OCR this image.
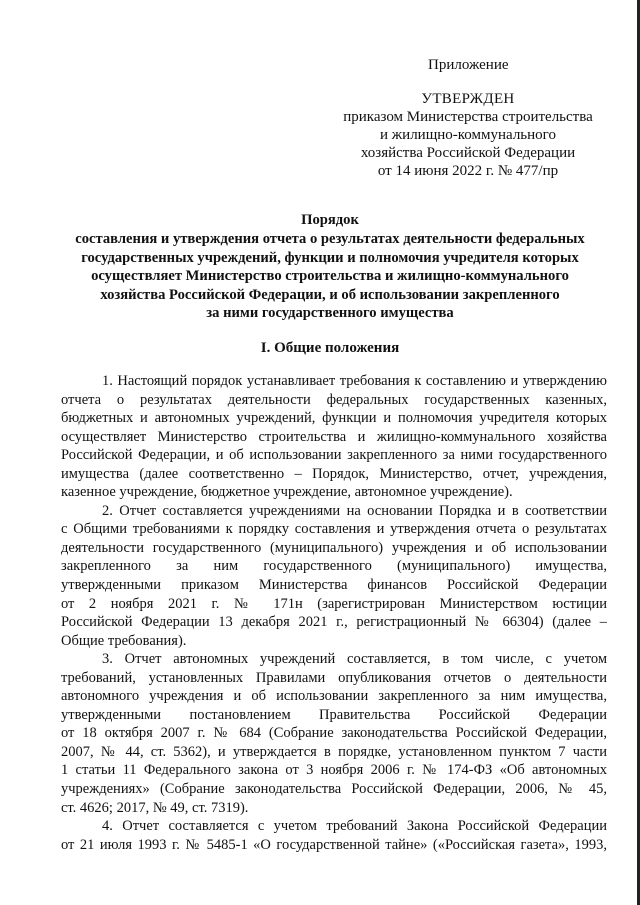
Приложение
УТВЕРЖДЕН
приказом Министерства строительства
и жилищно-коммунального
хозяйства Российской Федерации
от 14 июня 2022 г. № 477/пр
Порядок
составления и утверждения отчета о результатах деятельности федеральных
государственных учреждений, функции и полномочия учредителя которых
осуществляет Министерство строительства и жилищно-коммунального
хозяйства Российской Федерации, и об использовании закрепленного
за ними государственного имущества
I. Общие положения
1. Настоящий порядок устанавливает требования к составлению и утверждению
отчета о результатах деятельности федеральных государственных казенных,
бюджетных и автономных учреждений, функции и полномочия учредителя которых
осуществляет Министерство строительства и жилищно-коммунального хозяйства
Российской Федерации, и об использовании закрепленного за ними государственного
имущества (далее соответственно – Порядок, Министерство, отчет, учреждения,
казенное учреждение, бюджетное учреждение, автономное учреждение).
2. Отчет составляется учреждениями на основании Порядка и в соответствии
с Общими требованиями к порядку составления и утверждения отчета о результатах
деятельности государственного (муниципального) учреждения и об использовании
закрепленного за ним государственного (муниципального) имущества,
утвержденными приказом Министерства финансов Российской Федерации
от 2 ноября 2021 г. № 171н (зарегистрирован Министерством юстиции
Российской Федерации 13 декабря 2021 г., регистрационный № 66304) (далее –
Общие требования).
3. Отчет автономных учреждений составляется, в том числе, с учетом
требований, установленных Правилами опубликования отчетов о деятельности
автономного учреждения и об использовании закрепленного за ним имущества,
утвержденными постановлением Правительства Российской Федерации
от 18 октября 2007 г. № 684 (Собрание законодательства Российской Федерации,
2007, № 44, ст. 5362), и утверждается в порядке, установленном пунктом 7 части
1 статьи 11 Федерального закона от 3 ноября 2006 г. № 174-ФЗ «Об автономных
учреждениях» (Собрание законодательства Российской Федерации, 2006, № 45,
ст. 4626; 2017, № 49, ст. 7319).
4. Отчет составляется с учетом требований Закона Российской Федерации
от 21 июля 1993 г. № 5485-1 «О государственной тайне» («Российская газета», 1993,
